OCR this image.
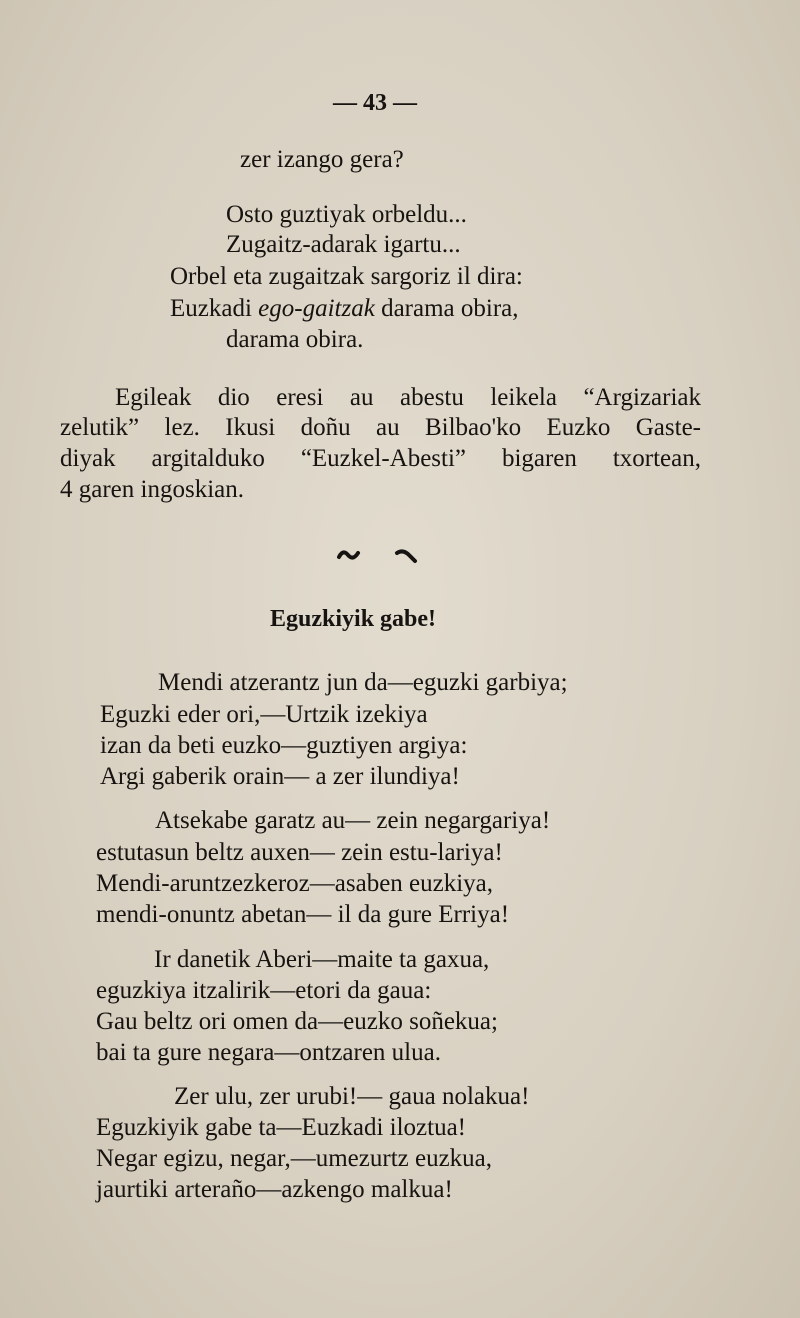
— 43 —
zer izango gera?
Osto guztiyak orbeldu...
Zugaitz-adarak igartu...
Orbel eta zugaitzak sargoriz il dira:
Euzkadi ego-gaitzak darama obira,
darama obira.
Egileak dio eresi au abestu leikela “Argizariak
zelutik” lez. Ikusi doñu au Bilbao'ko Euzko Gaste-
diyak argitalduko “Euzkel-Abesti” bigaren txortean,
4 garen ingoskian.
Eguzkiyik gabe!
Mendi atzerantz jun da—eguzki garbiya;
Eguzki eder ori,—Urtzik izekiya
izan da beti euzko—guztiyen argiya:
Argi gaberik orain— a zer ilundiya!
Atsekabe garatz au— zein negargariya!
estutasun beltz auxen— zein estu-lariya!
Mendi-aruntzezkeroz—asaben euzkiya,
mendi-onuntz abetan— il da gure Erriya!
Ir danetik Aberi—maite ta gaxua,
eguzkiya itzalirik—etori da gaua:
Gau beltz ori omen da—euzko soñekua;
bai ta gure negara—ontzaren ulua.
Zer ulu, zer urubi!— gaua nolakua!
Eguzkiyik gabe ta—Euzkadi iloztua!
Negar egizu, negar,—umezurtz euzkua,
jaurtiki arteraño—azkengo malkua!
